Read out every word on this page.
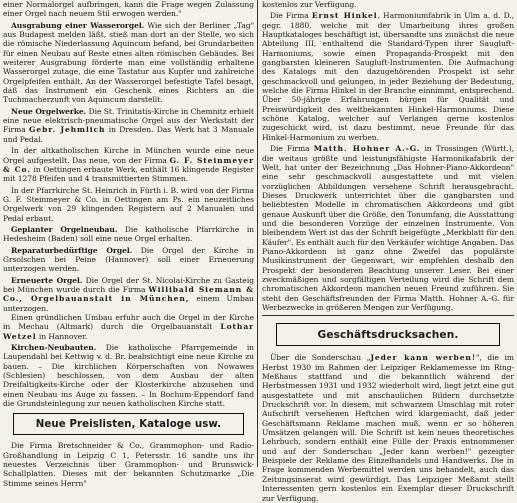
einer Normalorgel aufbringen, kann die Frage wegen Zulassung einer Orgel nach neuem Stil erwogen werden."

Ausgrabung einer Wasserorgel. Wie sich der Berliner „Tag" aus Budapest melden läßt, stieß man dort an der Stelle, wo sich die römische Niederlassung Aquincum befand, bei Grundarbeiten für einen Neubau auf Reste eines alten römischen Gebäudes. Bei weiterer Ausgrabung förderte man eine vollständig erhaltene Wasserorgel zutage, die eine Tastatur aus Kupfer und zahlreiche Orgelpfeifen enthält. An der Wasserorgel befestigte Tafel besagt, daß das Instrument ein Geschenk eines Richters an die Tuchmacherzunft von Aquincum darstellt.

Neue Orgelwerke. Die St. Trinitatis-Kirche in Chemnitz erhielt eine neue elektrisch-pneumatische Orgel aus der Werkstatt der Firma Gebr. Jehmlich in Dresden. Das Werk hat 3 Manuale und Pedal.

In der altkatholischen Kirche in München wurde eine neue Orgel aufgestellt. Das neue, von der Firma G. F. Steinmeyer & Co. in Oettingen erbaute Werk, enthält 16 klingende Register mit 1278 Pfeifen und 4 transmittierten Stimmen.

In der Pfarrkirche St. Heinrich in Fürth i. B. wird von der Firma G. F. Steinmeyer & Co. in Oettingen am Ps. ein neuzeitliches Orgelwerk von 29 klingenden Registern auf 2 Manualen und Pedal erbaut.

Geplanter Orgelneubau. Die katholische Pfarrkirche in Hedesheim (Baden) soll eine neue Orgel erhalten.

Reparaturbedürftige Orgel. Die Orgel der Kirche in Grsolschen bei Peine (Hannover) soll einer Erneuerung unterzogen werden.

Erneuerte Orgel. Die Orgel der St. Nicolai-Kirche zu Gasteig bei München wurde durch die Firma Willibald Siemann & Co., Orgelbauanstalt in München, einem Umbau unterzogen.

Einen gründlichen Umbau erfuhr auch die Orgel in der Kirche in Mechau (Altmark) durch die Orgelbauanstalt Lothar Wetzel in Hannover.

Kirchen-Neubauten. Die katholische Pfarrgemeinde in Laupendahl bei Kettwig v. d. Br. beabsichtigt eine neue Kirche zu bauen. – Die kirchlichen Körperschaften von Nowawes (Schlesien) beschlossen, von dem Ausbau der alten Dreifaltigkeits-Kirche oder der Klosterkirche abzusehen und einen Neubau ins Auge zu fassen. – In Bochum-Eppendorf fand die Grundsteinlegung zur neuen katholischen Kirche statt.

Neue Preislisten, Kataloge usw.

Die Firma Bretschneider & Co., Grammophon- und Radio-Großhandlung in Leipzig C 1, Petersstr. 16 sandte uns ihr neuestes Verzeichnis über Grammophon- und Brunswick-Schallplatten. Dieses mit der bekannten Schutzmarke „Die Stimme seines Herrn"

kostenlos zur Verfügung.

Die Firma Ernst Hinkel, Harmoniumfabrik in Ulm a. d. D., gegr. 1880, welche mit der Umarbeitung ihres großen Hauptkataloges beschäftigt ist, übersandte uns zunächst die neue Abteilung III, enthaltend die Standard-Typen ihrer Saugluft-Harmoniums, sowie einen Propaganda-Prospekt mit den gangbarsten kleineren Saugluft-Instrumenten. Die Aufmachung des Katalogs mit den dazugehörenden Prospekt ist sehr geschmackvoll und gelungen, in jeder Beziehung der Bedeutung, welche die Firma Hinkel in der Branche einnimmt, entsprechend. Über 50-jährige Erfahrungen bürgen für Qualität und Preiswürdigkeit des weltbekannten Hinkel-Harmoniums. Diese schöne Katalog, welcher auf Verlangen gerne kostenlos zugeschickt wird, ist dazu bestimmt, neue Freunde für das Hinkel-Harmonium zu werben.

Die Firma Matth. Hohner A.-G. in Trossingen (Württ.), die weitaus größte und leistungsfähigste Harmonikafabrik der Welt, hat unter der Bezeichnung „Das Hohner-Piano-Akkordeon" eine sehr geschmackvoll ausgestattete und mit vielen vorzüglichen Abbildungen versehene Schrift herausgebracht. Dieses Druckwerk unterrichtet über die gangbarsten und beliebtesten Modelle in chromatischen Akkordeons und gibt genaue Auskunft über die Größe, den Tonumfang, die Ausstattung und die besonderen Vorzüge der einzelnen Instrumente. Von bleibendem Wert ist das der Schrift beigefügte „Merkblatt für den Käufer". Es enthält auch für den Verkäufer wichtige Angaben. Das Piano-Akkordeon ist ganz ohne Zweifel das populärste Musikinstrument der Gegenwart, wir empfehlen deshalb den Prospekt der besonderen Beachtung unserer Leser. Bei einer zweckmäßigen und sorgfältigen Verteilung wird die Schrift dem chromatischen Akkordeon manchen neuen Freund zuführen. Sie steht den Geschäftsfreunden der Firma Matth. Hohner A.-G. für Werbezwecke in größeren Mengen zur Verfügung.

Geschäftsdrucksachen.

Über die Sonderschau „Jeder kann werben!", die im Herbst 1930 im Rahmen der Leipziger Reklamemesse im Ring-Meßhaus stattfand und die bekanntlich während der Herbstmessen 1931 und 1932 wiederholt wird, liegt jetzt eine gut ausgestattete und mit anschaulichen Bildern durchsetzte Druckschrift vor. In diesem, mit schwarzem Umschlag mit roter Aufschrift versehenen Heftchen wird klargemacht, daß jeder Geschäftsmann Reklame machen muß, wenn er so höheren Umsätzen gelangen will. Die Schrift ist kein neues theoretisches Lehrbuch, sondern enthält eine Fülle der Praxis entnommener und auf der Sonderschau „Jeder kann werben!" gezeigter Beispiele der Reklame des Einzelhandels und Handwerks. Die in Frage kommenden Werbemittel werden uns behandelt, auch das Zeitungsinserat wird gewürdigt. Das Leipziger Meßamt stellt Interessenten gern kostenlos ein Exemplar dieser Druckschrift zur Verfügung.
